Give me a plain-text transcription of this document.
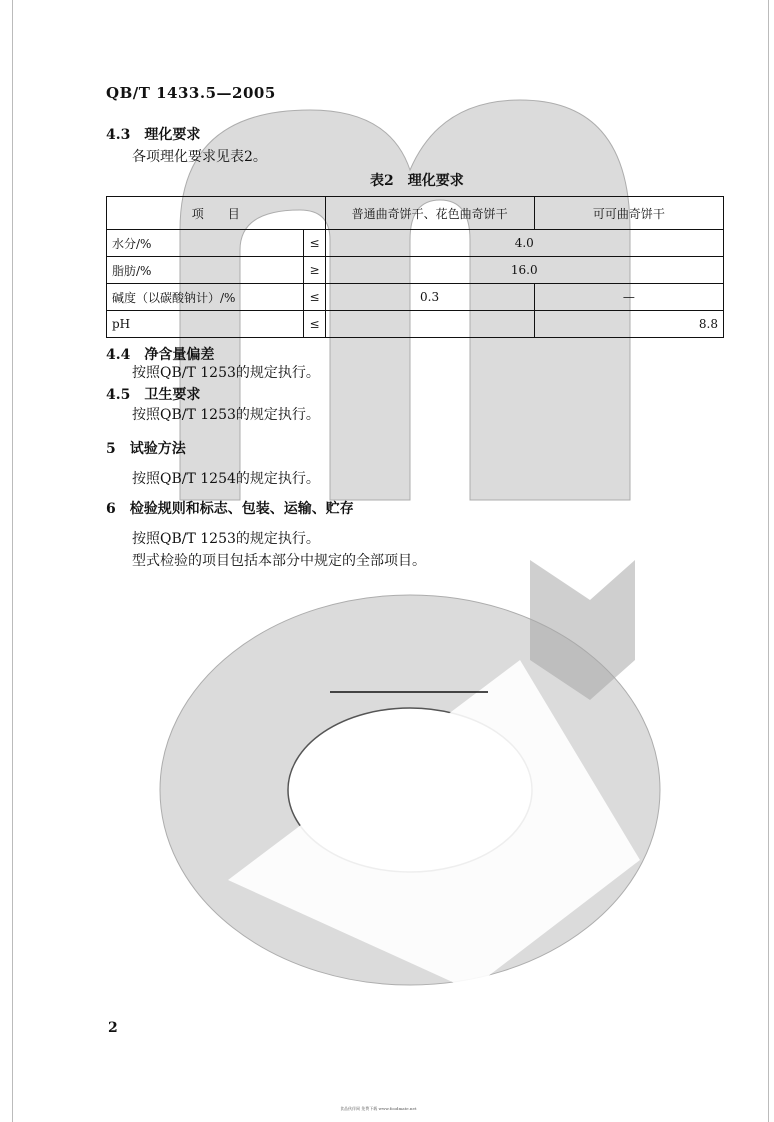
QB/T 1433.5—2005
4.3　理化要求
各项理化要求见表2。
表2　理化要求
项　　目		普通曲奇饼干、花色曲奇饼干	可可曲奇饼干
水分/%	≤	4.0	
脂肪/%	≥	16.0	
碱度（以碳酸钠计）/%	≤	0.3	—
pH	≤		8.8
4.4　净含量偏差
按照QB/T 1253的规定执行。
4.5　卫生要求
按照QB/T 1253的规定执行。
5　试验方法
按照QB/T 1254的规定执行。
6　检验规则和标志、包装、运输、贮存
按照QB/T 1253的规定执行。
型式检验的项目包括本部分中规定的全部项目。
2
食品伙伴网 免费下载 www.foodmate.net
